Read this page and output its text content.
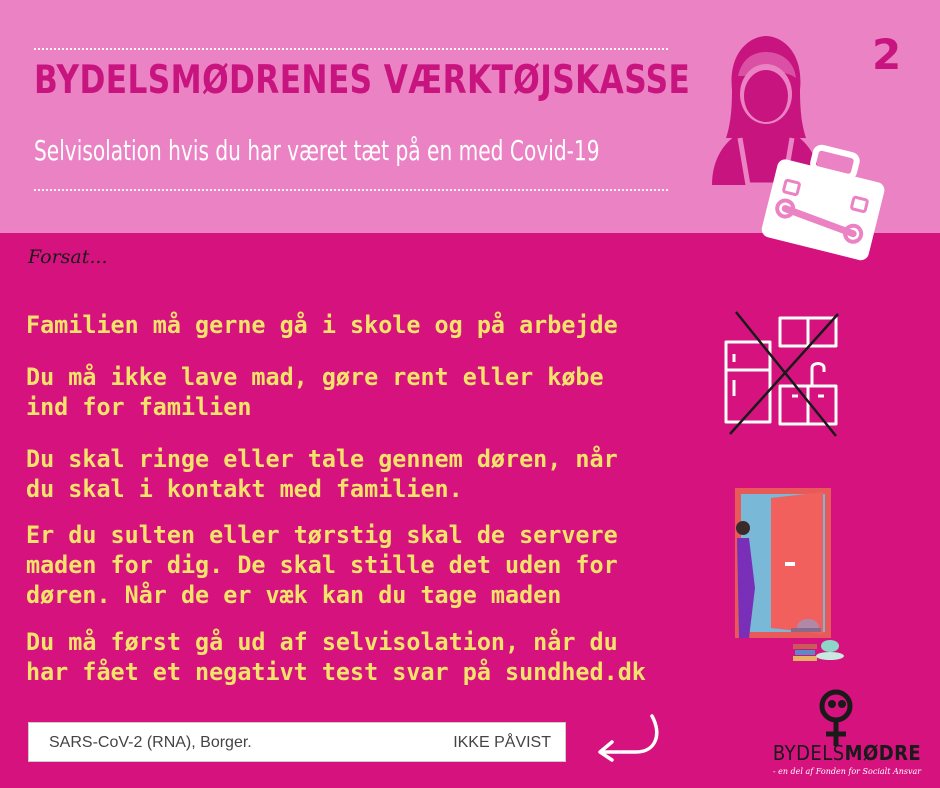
BYDELSMØDRENES VÆRKTØJSKASSE
Selvisolation hvis du har været tæt på en med Covid-19
2
Forsat...
Familien må gerne gå i skole og på arbejde
Du må ikke lave mad, gøre rent eller købe
ind for familien
Du skal ringe eller tale gennem døren, når
du skal i kontakt med familien.
Er du sulten eller tørstig skal de servere
maden for dig. De skal stille det uden for
døren. Når de er væk kan du tage maden
Du må først gå ud af selvisolation, når du
har fået et negativt test svar på sundhed.dk
SARS-CoV-2 (RNA), Borger.	IKKE PÅVIST	BYDELSMØDRE
- en del af Fonden for Socialt Ansvar
